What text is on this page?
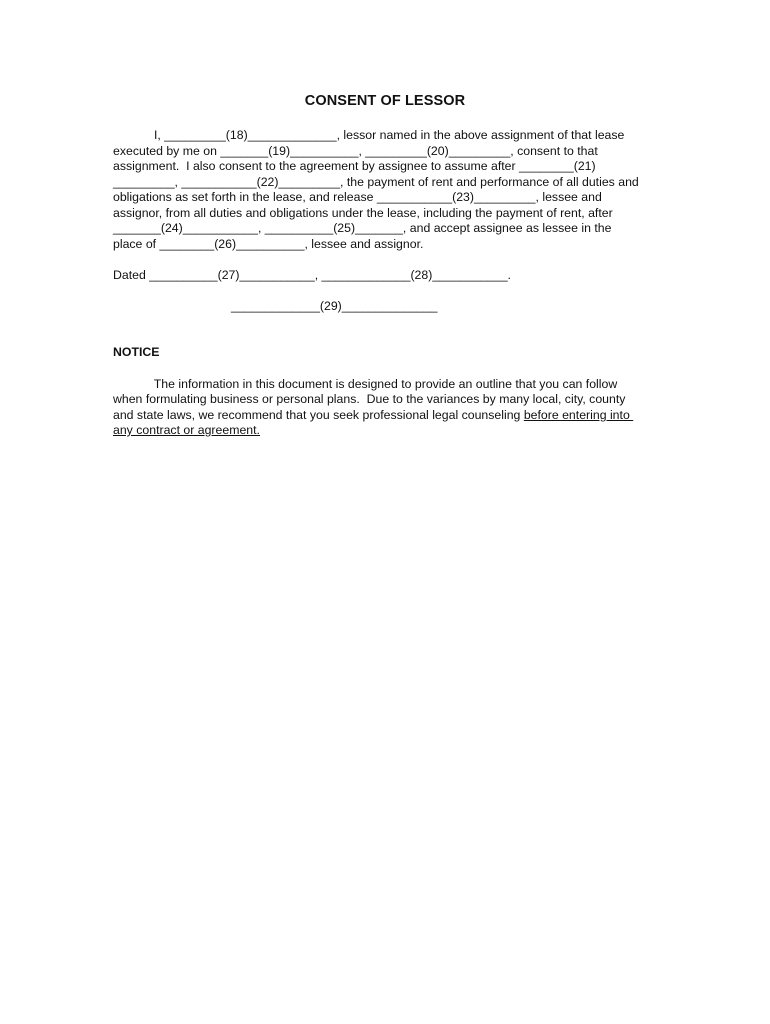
CONSENT OF LESSOR
I, _________(18)_____________, lessor named in the above assignment of that lease
executed by me on _______(19)__________, _________(20)_________, consent to that
assignment.  I also consent to the agreement by assignee to assume after ________(21)
_________, ___________(22)_________, the payment of rent and performance of all duties and
obligations as set forth in the lease, and release ___________(23)_________, lessee and
assignor, from all duties and obligations under the lease, including the payment of rent, after
_______(24)___________, __________(25)_______, and accept assignee as lessee in the
place of ________(26)__________, lessee and assignor.
Dated __________(27)___________, _____________(28)___________.
_____________(29)______________
NOTICE
The information in this document is designed to provide an outline that you can follow
when formulating business or personal plans.  Due to the variances by many local, city, county
and state laws, we recommend that you seek professional legal counseling before entering into
any contract or agreement.
